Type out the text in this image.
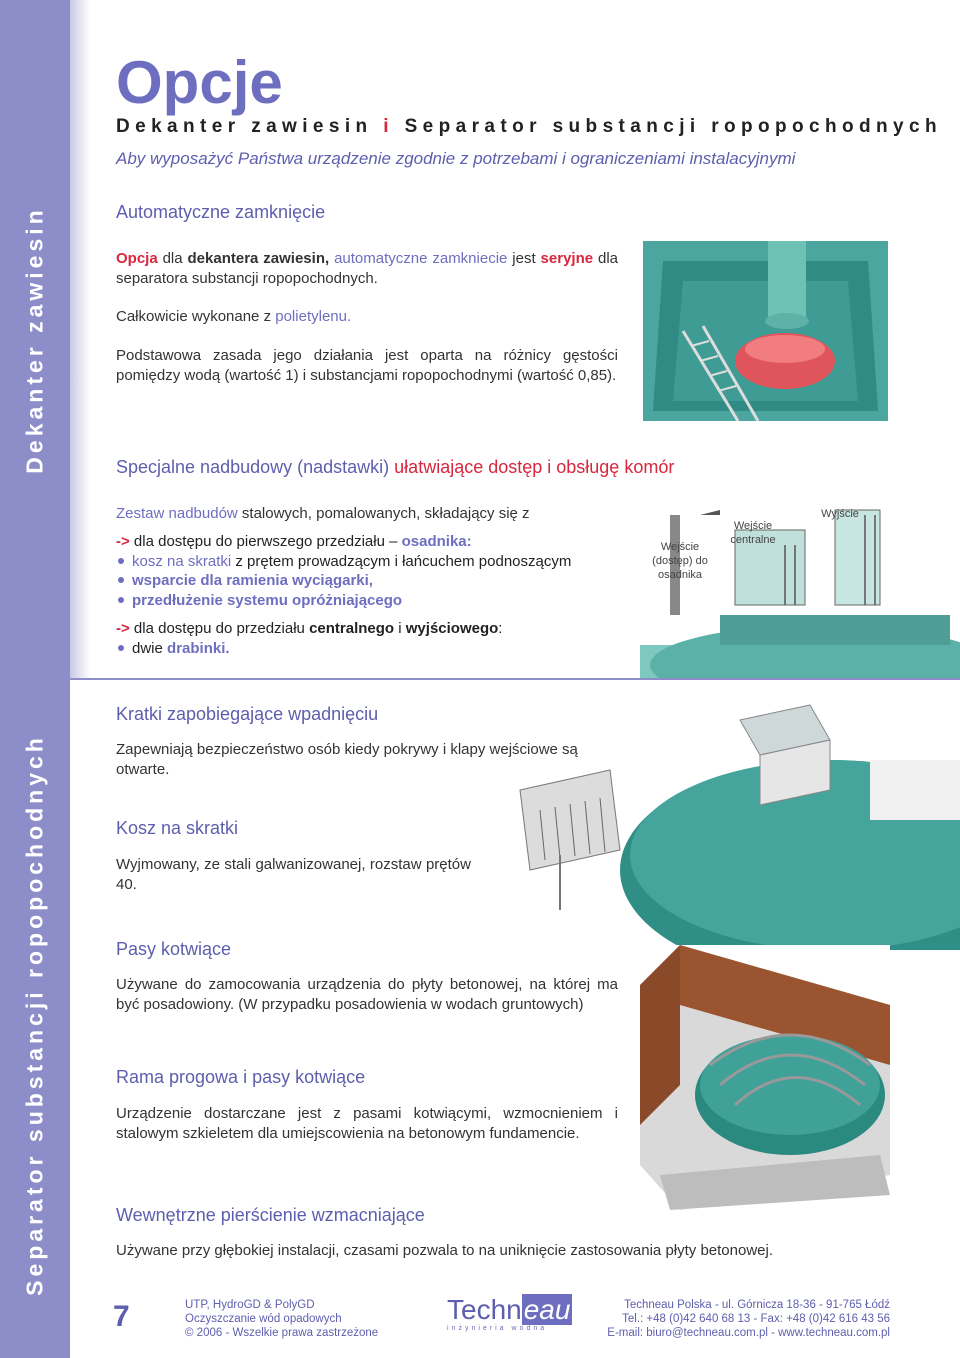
Dekanter zawiesin
Separator substancji ropopochodnych
Opcje
Dekanter zawiesin i Separator substancji ropopochodnych
Aby wyposażyć Państwa urządzenie zgodnie z potrzebami i ograniczeniami instalacyjnymi
Automatyczne zamknięcie
Opcja dla dekantera zawiesin, automatyczne zamkniecie jest seryjne dla separatora substancji ropopochodnych.
Całkowicie wykonane z polietylenu.
Podstawowa zasada jego działania jest oparta na różnicy gęstości pomiędzy wodą (wartość 1) i substancjami ropopochodnymi (wartość 0,85).
Specjalne nadbudowy (nadstawki) ułatwiające dostęp i obsługę komór
Zestaw nadbudów stalowych, pomalowanych, składający się z
-> dla dostępu do pierwszego przedziału – osadnika:
kosz na skratki z prętem prowadzącym i łańcuchem podnoszącym
wsparcie dla ramienia wyciągarki,
przedłużenie systemu opróżniającego
-> dla dostępu do przedziału centralnego i wyjściowego:
dwie drabinki.
Wejście (dostęp) do osadnika
Wejście centralne
Wyjście
Kratki zapobiegające wpadnięciu
Zapewniają bezpieczeństwo osób kiedy pokrywy i klapy wejściowe są otwarte.
Kosz na skratki
Wyjmowany, ze stali galwanizowanej, rozstaw prętów 40.
Pasy kotwiące
Używane do zamocowania urządzenia do płyty betonowej, na której ma być posadowiony. (W przypadku posadowienia w wodach gruntowych)
Rama progowa i pasy kotwiące
Urządzenie dostarczane jest z pasami kotwiącymi, wzmocnieniem i stalowym szkieletem dla umiejscowienia na betonowym fundamencie.
Wewnętrzne pierścienie wzmacniające
Używane przy głębokiej instalacji, czasami pozwala to na uniknięcie zastosowania płyty betonowej.
7	UTP, HydroGD & PolyGD
Oczyszczanie wód opadowych
© 2006 - Wszelkie prawa zastrzeżone
Techneau
inżynieria wodna
Techneau Polska - ul. Górnicza 18-36 - 91-765 Łódź
Tel.: +48 (0)42 640 68 13 - Fax: +48 (0)42 616 43 56
E-mail: biuro@techneau.com.pl - www.techneau.com.pl
